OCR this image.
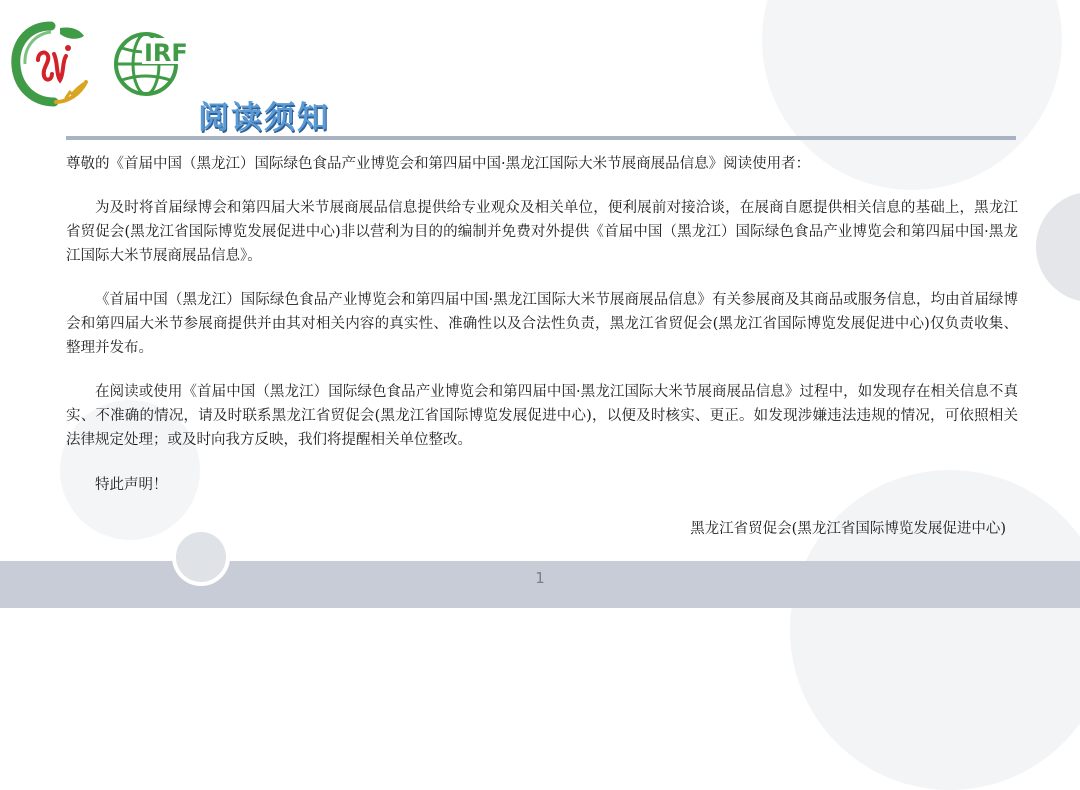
1
IRF
阅读须知

尊敬的《首届中国（黑龙江）国际绿色食品产业博览会和第四届中国·黑龙江国际大米节展商展品信息》阅读使用者：

为及时将首届绿博会和第四届大米节展商展品信息提供给专业观众及相关单位，便利展前对接洽谈，在展商自愿提供相关信息的基础上，黑龙江省贸促会(黑龙江省国际博览发展促进中心)非以营利为目的的编制并免费对外提供《首届中国（黑龙江）国际绿色食品产业博览会和第四届中国·黑龙江国际大米节展商展品信息》。

《首届中国（黑龙江）国际绿色食品产业博览会和第四届中国·黑龙江国际大米节展商展品信息》有关参展商及其商品或服务信息，均由首届绿博会和第四届大米节参展商提供并由其对相关内容的真实性、准确性以及合法性负责，黑龙江省贸促会(黑龙江省国际博览发展促进中心)仅负责收集、整理并发布。

在阅读或使用《首届中国（黑龙江）国际绿色食品产业博览会和第四届中国·黑龙江国际大米节展商展品信息》过程中，如发现存在相关信息不真实、不准确的情况，请及时联系黑龙江省贸促会(黑龙江省国际博览发展促进中心)，以便及时核实、更正。如发现涉嫌违法违规的情况，可依照相关法律规定处理；或及时向我方反映，我们将提醒相关单位整改。

特此声明！

黑龙江省贸促会(黑龙江省国际博览发展促进中心)
